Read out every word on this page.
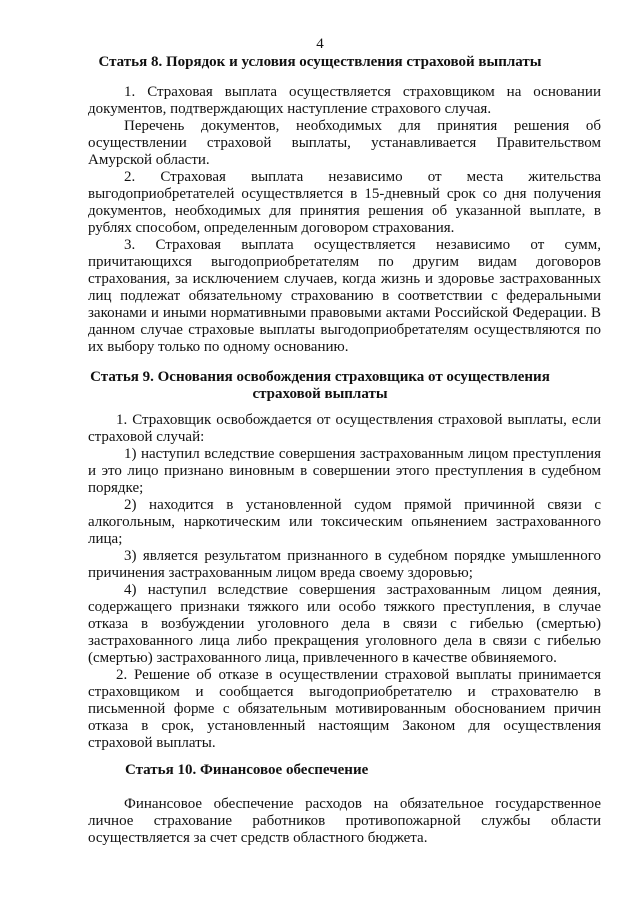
4
Статья 8. Порядок и условия осуществления страховой выплаты

1. Страховая выплата осуществляется страховщиком на основании документов, подтверждающих наступление страхового случая.

Перечень документов, необходимых для принятия решения об осуществлении страховой выплаты, устанавливается Правительством Амурской области.

2. Страховая выплата независимо от места жительства выгодоприобретателей осуществляется в 15-дневный срок со дня получения документов, необходимых для принятия решения об указанной выплате, в рублях способом, определенным договором страхования.

3. Страховая выплата осуществляется независимо от сумм, причитающихся выгодоприобретателям по другим видам договоров страхования, за исключением случаев, когда жизнь и здоровье застрахованных лиц подлежат обязательному страхованию в соответствии с федеральными законами и иными нормативными правовыми актами Российской Федерации. В данном случае страховые выплаты выгодоприобретателям осуществляются по их выбору только по одному основанию.

Статья 9. Основания освобождения страховщика от осуществления
страховой выплаты

1. Страховщик освобождается от осуществления страховой выплаты, если страховой случай:

1) наступил вследствие совершения застрахованным лицом преступления и это лицо признано виновным в совершении этого преступления в судебном порядке;

2) находится в установленной судом прямой причинной связи с алкогольным, наркотическим или токсическим опьянением застрахованного лица;

3) является результатом признанного в судебном порядке умышленного причинения застрахованным лицом вреда своему здоровью;

4) наступил вследствие совершения застрахованным лицом деяния, содержащего признаки тяжкого или особо тяжкого преступления, в случае отказа в возбуждении уголовного дела в связи с гибелью (смертью) застрахованного лица либо прекращения уголовного дела в связи с гибелью (смертью) застрахованного лица, привлеченного в качестве обвиняемого.

2. Решение об отказе в осуществлении страховой выплаты принимается страховщиком и сообщается выгодоприобретателю и страхователю в письменной форме с обязательным мотивированным обоснованием причин отказа в срок, установленный настоящим Законом для осуществления страховой выплаты.

Статья 10. Финансовое обеспечение

Финансовое обеспечение расходов на обязательное государственное личное страхование работников противопожарной службы области осуществляется за счет средств областного бюджета.
